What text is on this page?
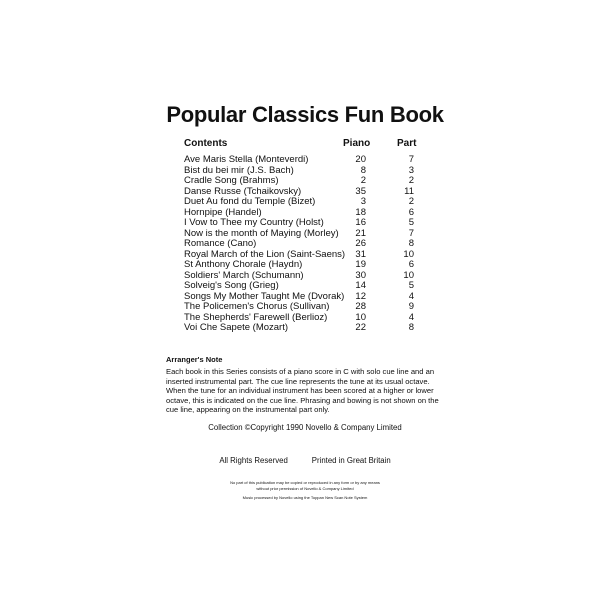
Popular Classics Fun Book
Contents	Piano	Part
Ave Maris Stella (Monteverdi)	20	7
Bist du bei mir (J.S. Bach)	8	3
Cradle Song (Brahms)	2	2
Danse Russe (Tchaikovsky)	35	11
Duet Au fond du Temple (Bizet)	3	2
Hornpipe (Handel)	18	6
I Vow to Thee my Country (Holst)	16	5
Now is the month of Maying (Morley)	21	7
Romance (Cano)	26	8
Royal March of the Lion (Saint-Saens)	31	10
St Anthony Chorale (Haydn)	19	6
Soldiers' March (Schumann)	30	10
Solveig's Song (Grieg)	14	5
Songs My Mother Taught Me (Dvorak)	12	4
The Policemen's Chorus (Sullivan)	28	9
The Shepherds' Farewell (Berlioz)	10	4
Voi Che Sapete (Mozart)	22	8
Arranger's Note
Each book in this Series consists of a piano score in C with solo cue line and an inserted instrumental part. The cue line represents the tune at its usual octave. When the tune for an individual instrument has been scored at a higher or lower octave, this is indicated on the cue line. Phrasing and bowing is not shown on the cue line, appearing on the instrumental part only.
Collection ©Copyright 1990 Novello & Company Limited
All Rights Reserved	Printed in Great Britain
No part of this publication may be copied or reproduced in any form or by any means
without prior permission of Novello & Company Limited
Music processed by Novello using the Toppan New Scan Note System
